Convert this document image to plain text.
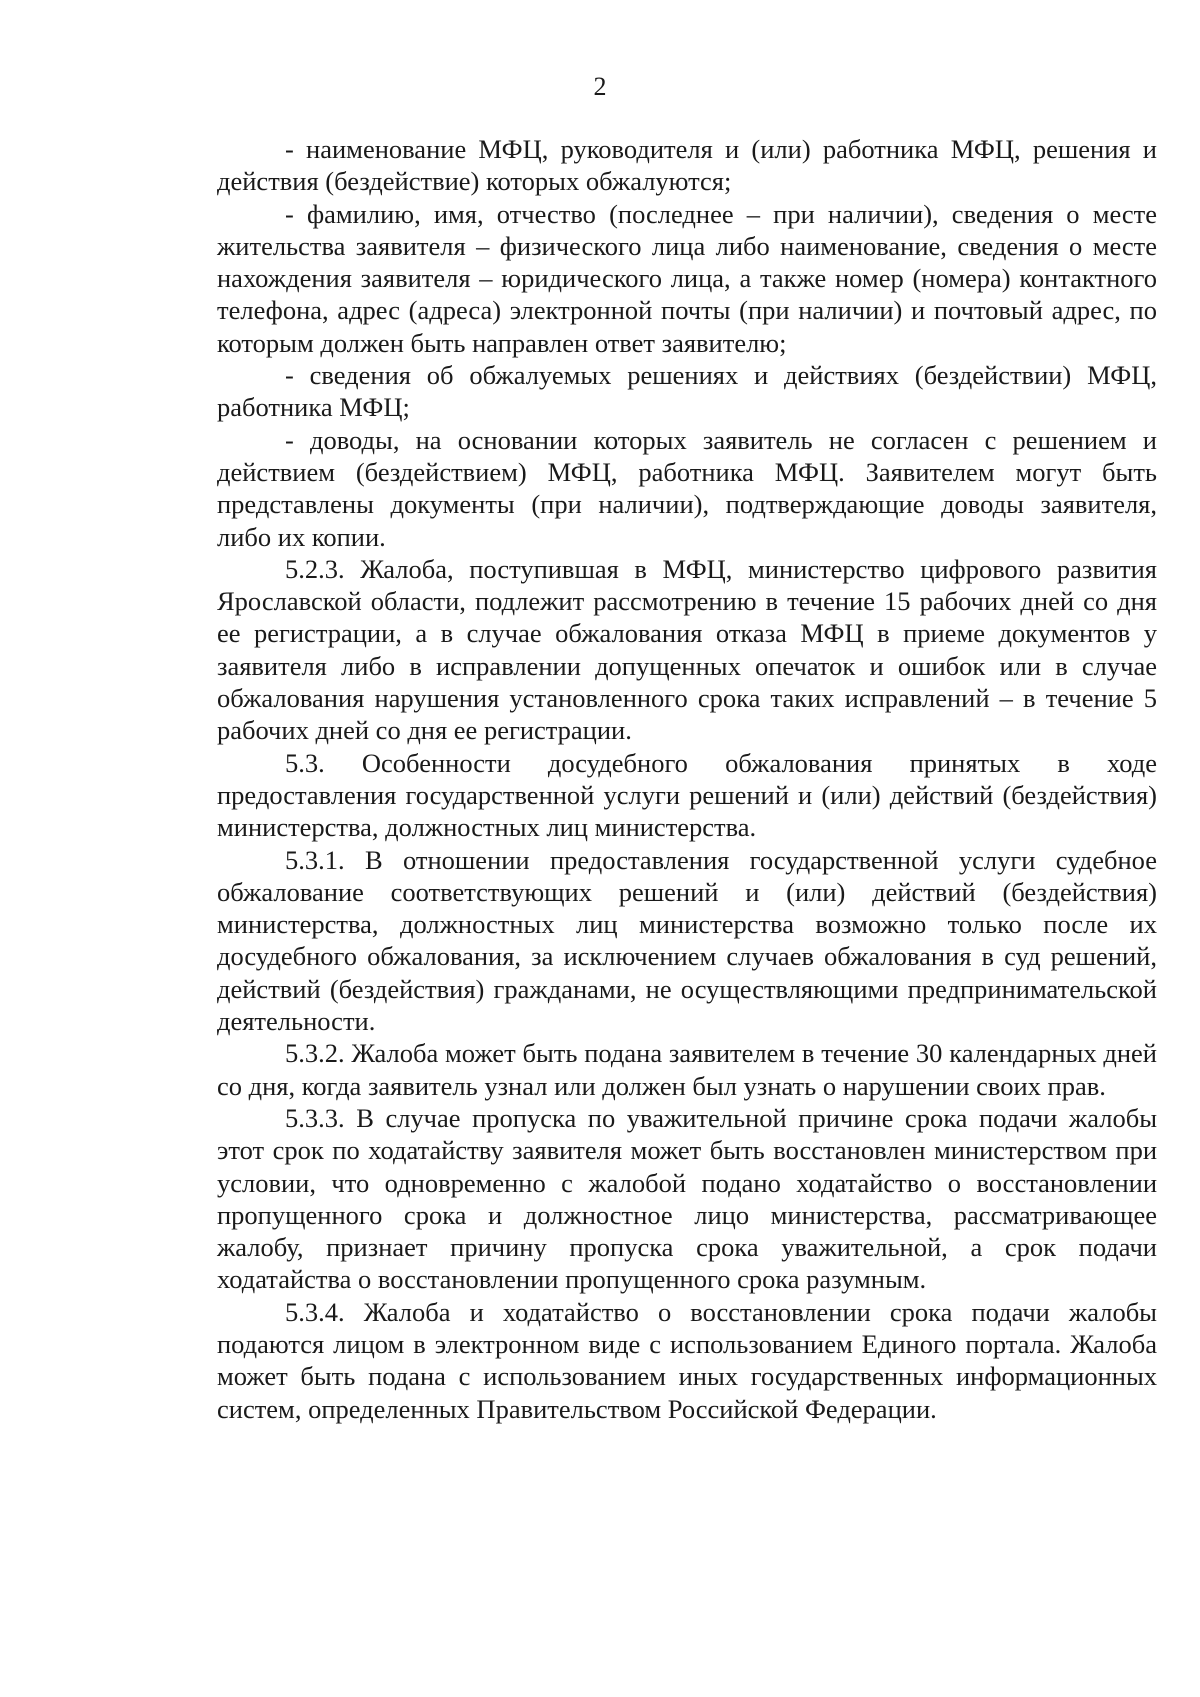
2

- наименование МФЦ, руководителя и (или) работника МФЦ, решения и действия (бездействие) которых обжалуются;

- фамилию, имя, отчество (последнее – при наличии), сведения о месте жительства заявителя – физического лица либо наименование, сведения о месте нахождения заявителя – юридического лица, а также номер (номера) контактного телефона, адрес (адреса) электронной почты (при наличии) и почтовый адрес, по которым должен быть направлен ответ заявителю;

- сведения об обжалуемых решениях и действиях (бездействии) МФЦ, работника МФЦ;

- доводы, на основании которых заявитель не согласен с решением и действием (бездействием) МФЦ, работника МФЦ. Заявителем могут быть представлены документы (при наличии), подтверждающие доводы заявителя, либо их копии.

5.2.3. Жалоба, поступившая в МФЦ, министерство цифрового развития Ярославской области, подлежит рассмотрению в течение 15 рабочих дней со дня ее регистрации, а в случае обжалования отказа МФЦ в приеме документов у заявителя либо в исправлении допущенных опечаток и ошибок или в случае обжалования нарушения установленного срока таких исправлений – в течение 5 рабочих дней со дня ее регистрации.

5.3. Особенности досудебного обжалования принятых в ходе предоставления государственной услуги решений и (или) действий (бездействия) министерства, должностных лиц министерства.

5.3.1. В отношении предоставления государственной услуги судебное обжалование соответствующих решений и (или) действий (бездействия) министерства, должностных лиц министерства возможно только после их досудебного обжалования, за исключением случаев обжалования в суд решений, действий (бездействия) гражданами, не осуществляющими предпринимательской деятельности.

5.3.2. Жалоба может быть подана заявителем в течение 30 календарных дней со дня, когда заявитель узнал или должен был узнать о нарушении своих прав.

5.3.3. В случае пропуска по уважительной причине срока подачи жалобы этот срок по ходатайству заявителя может быть восстановлен министерством при условии, что одновременно с жалобой подано ходатайство о восстановлении пропущенного срока и должностное лицо министерства, рассматривающее жалобу, признает причину пропуска срока уважительной, а срок подачи ходатайства о восстановлении пропущенного срока разумным.

5.3.4. Жалоба и ходатайство о восстановлении срока подачи жалобы подаются лицом в электронном виде с использованием Единого портала. Жалоба может быть подана с использованием иных государственных информационных систем, определенных Правительством Российской Федерации.
